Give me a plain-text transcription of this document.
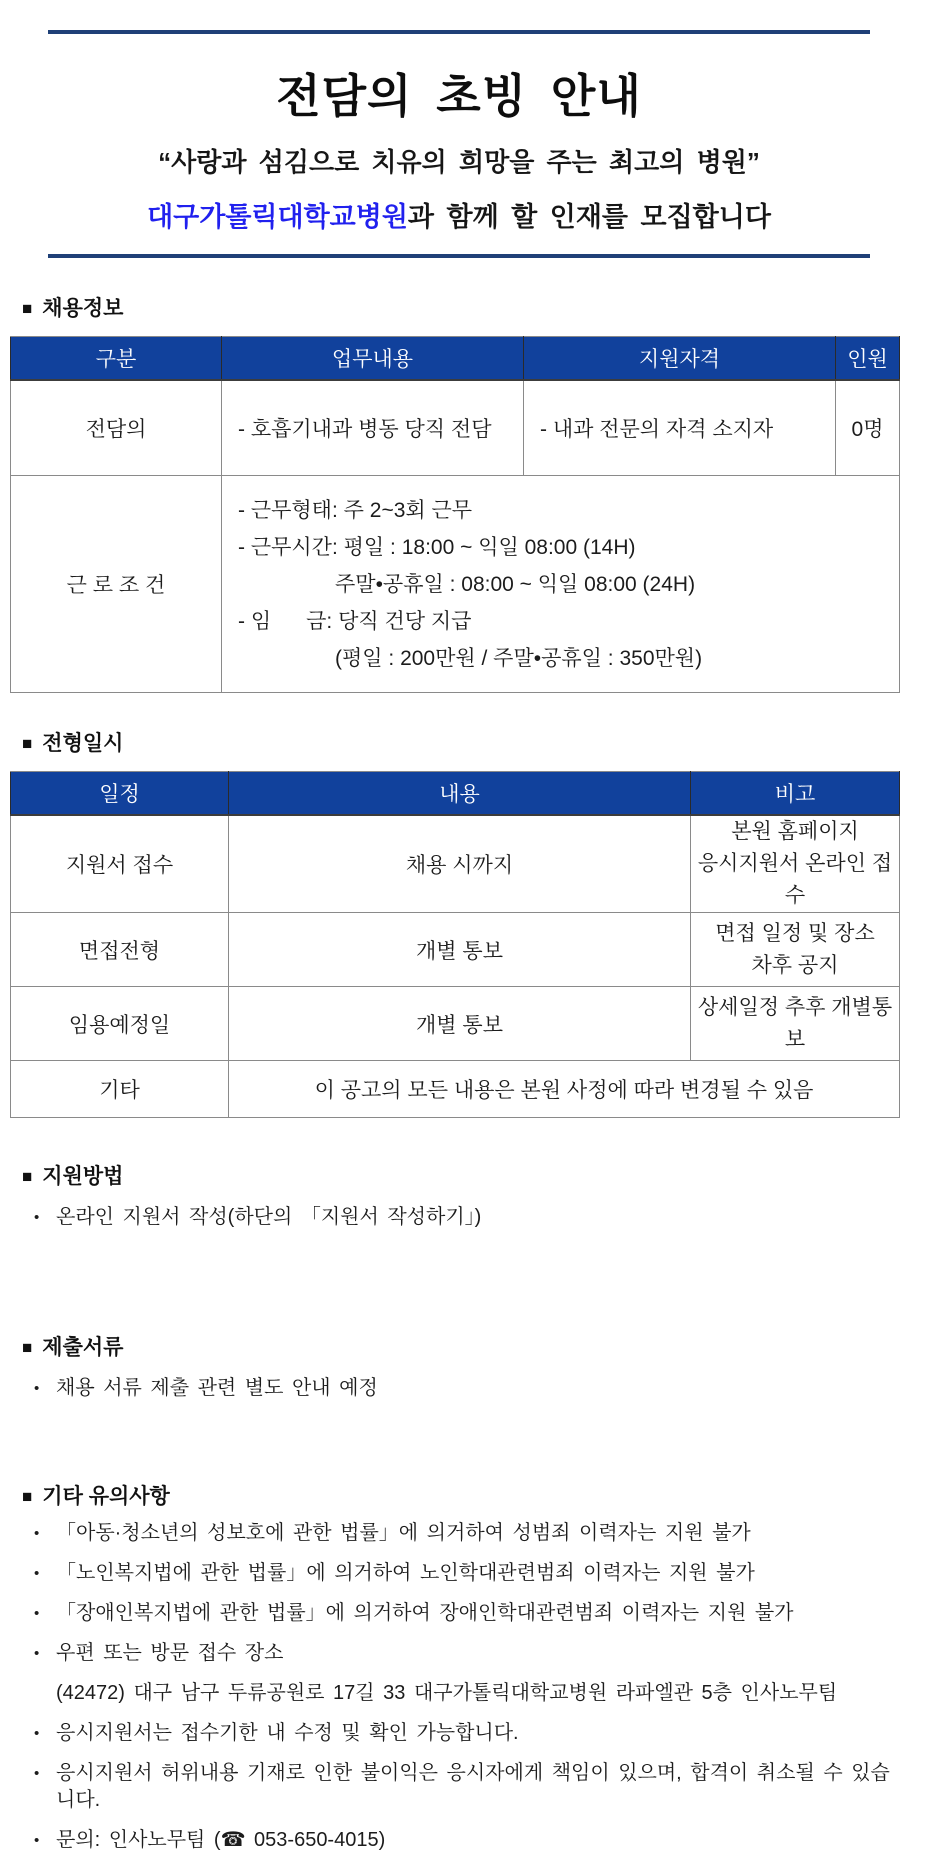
전담의 초빙 안내
“사랑과 섬김으로 치유의 희망을 주는 최고의 병원”
대구가톨릭대학교병원과 함께 할 인재를 모집합니다
■ 채용정보
구분	업무내용	지원자격	인원
전담의	- 호흡기내과 병동 당직 전담	- 내과 전문의 자격 소지자	0명
근 로 조 건	- 근무형태: 주 2~3회 근무
- 근무시간: 평일 : 18:00 ~ 익일 08:00 (14H)
주말•공휴일 : 08:00 ~ 익일 08:00 (24H)
- 임      금: 당직 건당 지급
(평일 : 200만원 / 주말•공휴일 : 350만원)		
■ 전형일시
일정	내용	비고
지원서 접수	채용 시까지	본원 홈페이지
응시지원서 온라인 접수

면접전형	개별 통보	면접 일정 및 장소
차후 공지

임용예정일	개별 통보	상세일정 추후 개별통보

기타	이 공고의 모든 내용은 본원 사정에 따라 변경될 수 있음	
■ 지원방법
• 온라인 지원서 작성(하단의 「지원서 작성하기」)
■ 제출서류
• 채용 서류 제출 관련 별도 안내 예정
■ 기타 유의사항
• 「아동·청소년의 성보호에 관한 법률」에 의거하여 성범죄 이력자는 지원 불가
• 「노인복지법에 관한 법률」에 의거하여 노인학대관련범죄 이력자는 지원 불가
• 「장애인복지법에 관한 법률」에 의거하여 장애인학대관련범죄 이력자는 지원 불가
• 우편 또는 방문 접수 장소
(42472) 대구 남구 두류공원로 17길 33 대구가톨릭대학교병원 라파엘관 5층 인사노무팀
• 응시지원서는 접수기한 내 수정 및 확인 가능합니다.
• 응시지원서 허위내용 기재로 인한 불이익은 응시자에게 책임이 있으며, 합격이 취소될 수 있습니다.
• 문의: 인사노무팀 (☎ 053-650-4015)
